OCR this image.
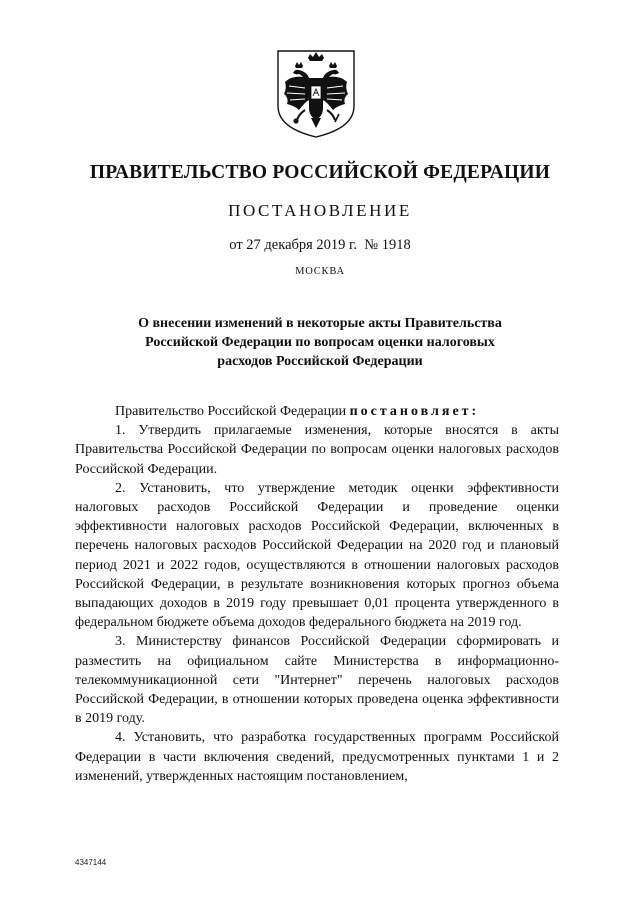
ПРАВИТЕЛЬСТВО РОССИЙСКОЙ ФЕДЕРАЦИИ
ПОСТАНОВЛЕНИЕ
от 27 декабря 2019 г. № 1918
МОСКВА
О внесении изменений в некоторые акты Правительства
Российской Федерации по вопросам оценки налоговых
расходов Российской Федерации

Правительство Российской Федерации постановляет:

1. Утвердить прилагаемые изменения, которые вносятся в акты Правительства Российской Федерации по вопросам оценки налоговых расходов Российской Федерации.

2. Установить, что утверждение методик оценки эффективности налоговых расходов Российской Федерации и проведение оценки эффективности налоговых расходов Российской Федерации, включенных в перечень налоговых расходов Российской Федерации на 2020 год и плановый период 2021 и 2022 годов, осуществляются в отношении налоговых расходов Российской Федерации, в результате возникновения которых прогноз объема выпадающих доходов в 2019 году превышает 0,01 процента утвержденного в федеральном бюджете объема доходов федерального бюджета на 2019 год.

3. Министерству финансов Российской Федерации сформировать и разместить на официальном сайте Министерства в информационно-телекоммуникационной сети "Интернет" перечень налоговых расходов Российской Федерации, в отношении которых проведена оценка эффективности в 2019 году.

4. Установить, что разработка государственных программ Российской Федерации в части включения сведений, предусмотренных пунктами 1 и 2 изменений, утвержденных настоящим постановлением,

4347144
